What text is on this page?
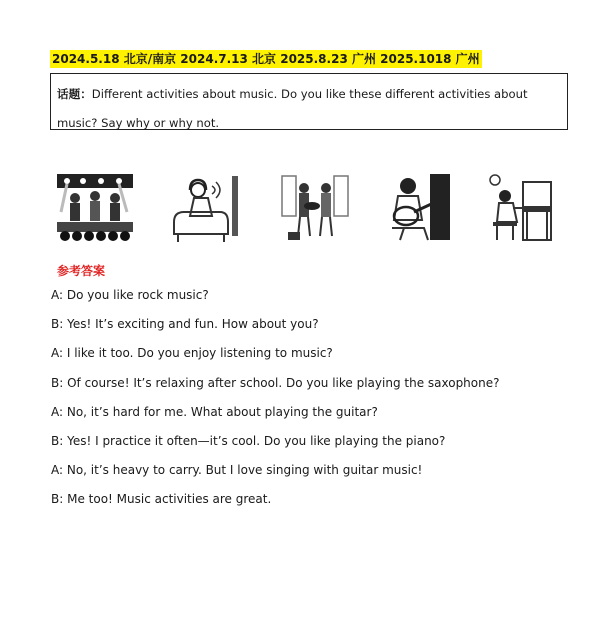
2024.5.18 北京/南京 2024.7.13 北京 2025.8.23 广州 2025.1018 广州
话题：Different activities about music. Do you like these different activities about music? Say why or why not.
参考答案
A: Do you like rock music?
B: Yes! It’s exciting and fun. How about you?
A: I like it too. Do you enjoy listening to music?
B: Of course! It’s relaxing after school. Do you like playing the saxophone?
A: No, it’s hard for me. What about playing the guitar?
B: Yes! I practice it often—it’s cool. Do you like playing the piano?
A: No, it’s heavy to carry. But I love singing with guitar music!
B: Me too! Music activities are great.
